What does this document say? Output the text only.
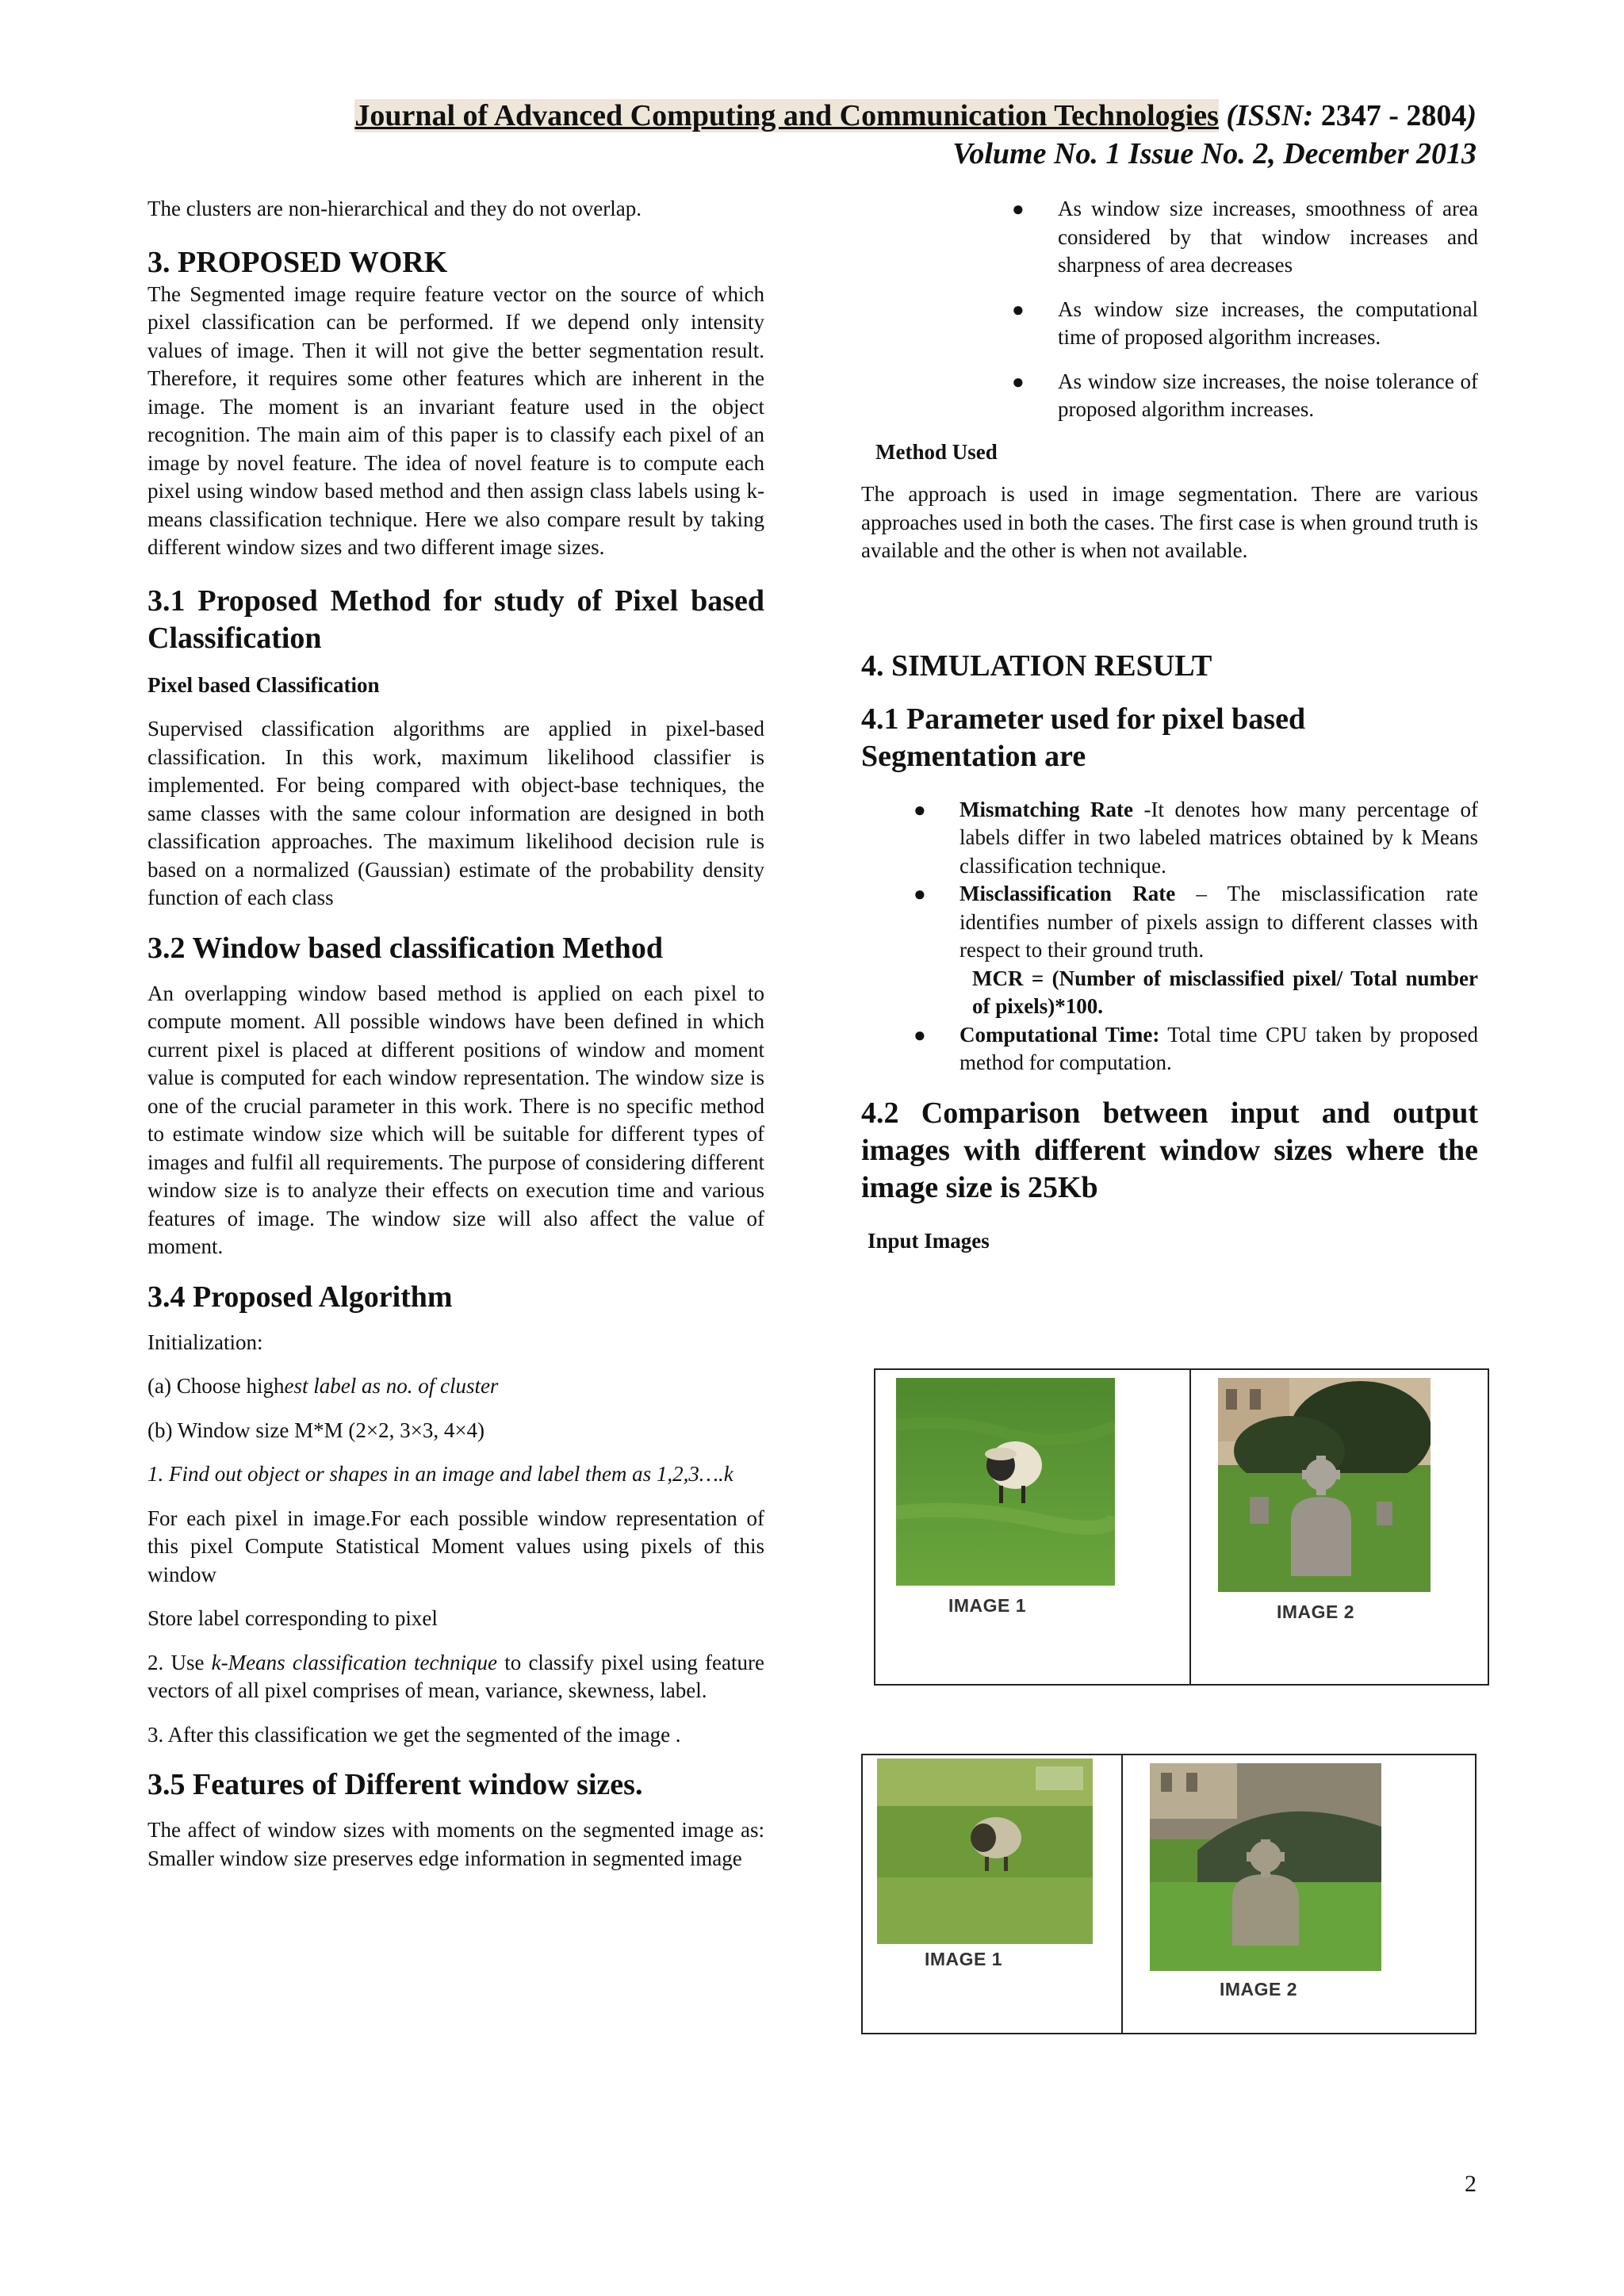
Journal of Advanced Computing and Communication Technologies (ISSN: 2347 - 2804)
Volume No. 1 Issue No. 2, December 2013

The clusters are non-hierarchical and they do not overlap.

3. PROPOSED WORK

The Segmented image require feature vector on the source of which pixel classification can be performed. If we depend only intensity values of image. Then it will not give the better segmentation result. Therefore, it requires some other features which are inherent in the image. The moment is an invariant feature used in the object recognition. The main aim of this paper is to classify each pixel of an image by novel feature. The idea of novel feature is to compute each pixel using window based method and then assign class labels using k-means classification technique. Here we also compare result by taking different window sizes and two different image sizes.

3.1 Proposed Method for study of Pixel based Classification

Pixel based Classification

Supervised classification algorithms are applied in pixel-based classification. In this work, maximum likelihood classifier is implemented. For being compared with object-base techniques, the same classes with the same colour information are designed in both classification approaches. The maximum likelihood decision rule is based on a normalized (Gaussian) estimate of the probability density function of each class

3.2 Window based classification Method

An overlapping window based method is applied on each pixel to compute moment. All possible windows have been defined in which current pixel is placed at different positions of window and moment value is computed for each window representation. The window size is one of the crucial parameter in this work. There is no specific method to estimate window size which will be suitable for different types of images and fulfil all requirements. The purpose of considering different window size is to analyze their effects on execution time and various features of image. The window size will also affect the value of moment.

3.4 Proposed Algorithm

Initialization:

(a) Choose highest label as no. of cluster

(b) Window size M*M (2×2, 3×3, 4×4)

1. Find out object or shapes in an image and label them as 1,2,3….k

For each pixel in image.For each possible window representation of this pixel Compute Statistical Moment values using pixels of this window

Store label corresponding to pixel

2. Use k-Means classification technique to classify pixel using feature vectors of all pixel comprises of mean, variance, skewness, label.

3. After this classification we get the segmented of the image .

3.5 Features of Different window sizes.

The affect of window sizes with moments on the segmented image as: Smaller window size preserves edge information in segmented image

● As window size increases, smoothness of area considered by that window increases and sharpness of area decreases
● As window size increases, the computational time of proposed algorithm increases.
● As window size increases, the noise tolerance of proposed algorithm increases.

Method Used

The approach is used in image segmentation. There are various approaches used in both the cases. The first case is when ground truth is available and the other is when not available.

4. SIMULATION RESULT

4.1 Parameter used for pixel based Segmentation are

● Mismatching Rate -It denotes how many percentage of labels differ in two labeled matrices obtained by k Means classification technique.
● Misclassification Rate – The misclassification rate identifies number of pixels assign to different classes with respect to their ground truth.
MCR = (Number of misclassified pixel/ Total number of pixels)*100.
● Computational Time: Total time CPU taken by proposed method for computation.

4.2 Comparison between input and output images with different window sizes where the image size is 25Kb

Input Images

IMAGE 1	IMAGE 2
IMAGE 1
IMAGE 2
2
